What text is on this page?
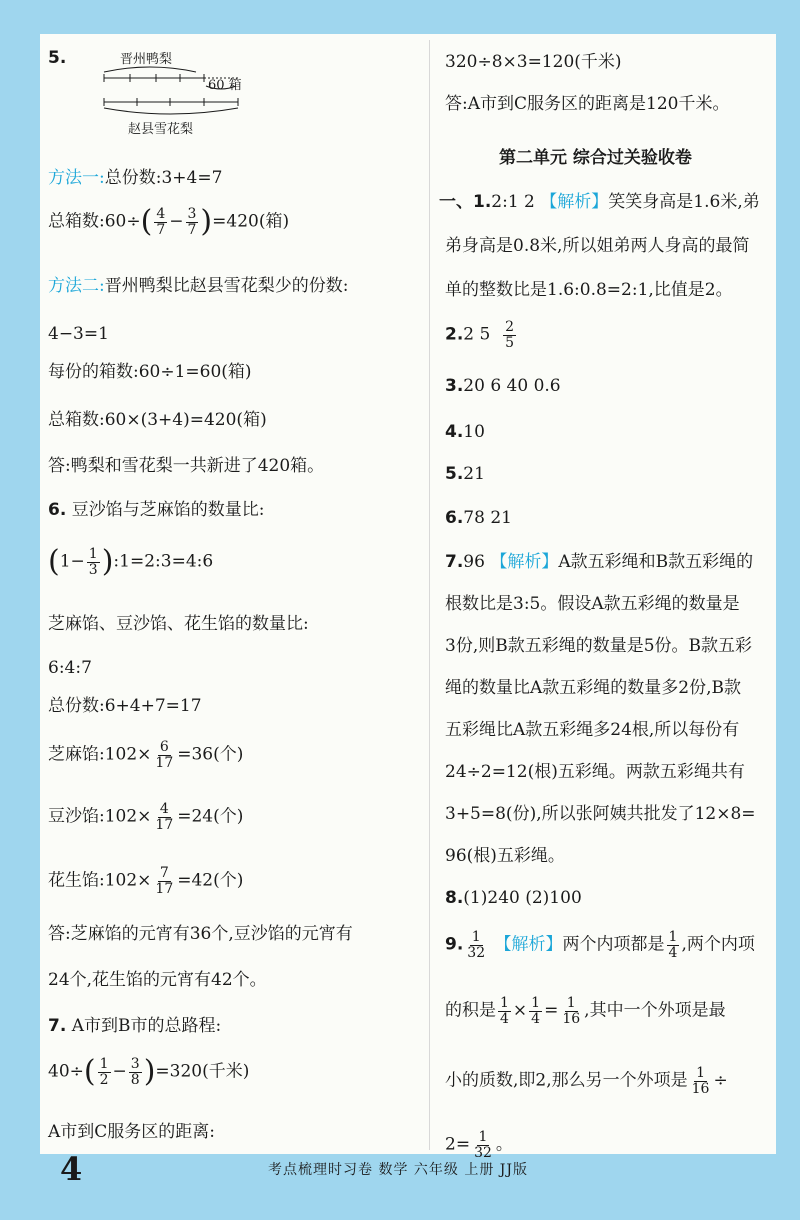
5.
方法一:总份数:3+4=7
总箱数:60÷( $\frac{4}{7} - \frac{3}{7} )=420$(箱)
方法二:晋州鸭梨比赵县雪花梨少的份数:
4−3=1
每份的箱数:60÷1=60(箱)
总箱数:60×(3+4)=420(箱)
答:鸭梨和雪花梨一共新进了420箱。
6. 豆沙馅与芝麻馅的数量比:
($1- \frac{1}{3}$ ):1=2:3=4:6
芝麻馅、豆沙馅、花生馅的数量比:
6:4:7
总份数:6+4+7=17
芝麻馅:102× $\frac{6}{17} =36$(个)
豆沙馅:102× $\frac{4}{17} =24$(个)
花生馅:102× $\frac{7}{17} =42$(个)
答:芝麻馅的元宵有36个,豆沙馅的元宵有
24个,花生馅的元宵有42个。
7. A市到B市的总路程:
$40\div( \frac{1}{2} - \frac{3}{8} )=320$(千米)
A市到C服务区的距离:
晋州鸭梨
60 箱
赵县雪花梨
320÷8×3=120(千米)
答:A市到C服务区的距离是120千米。
第二单元 综合过关验收卷
一、1.2:1 2 【解析】笑笑身高是1.6米,弟
弟身高是0.8米,所以姐弟两人身高的最简
单的整数比是1.6:0.8=2:1,比值是2。
2.2 $5 \frac{2}{5}$
3.20 6 40 0.6
4.10
5.21
6.78 21
7.96 【解析】A款五彩绳和B款五彩绳的
根数比是3:5。假设A款五彩绳的数量是
3份,则B款五彩绳的数量是5份。B款五彩
绳的数量比A款五彩绳的数量多2份,B款
五彩绳比A款五彩绳多24根,所以每份有
24÷2=12(根)五彩绳。两款五彩绳共有
3+5=8(份),所以张阿姨共批发了12×8=
96(根)五彩绳。
8.(1)240 (2)100
9. $\frac{1}{32}$ 【解析】两个内项都是 $\frac{1}{4}$ ,两个内项
的积是 $\frac{1}{4} \times \frac{1}{4} = \frac{1}{16}$ ,其中一个外项是最
小的质数,即2,那么另一个外项是 $\frac{1}{16}$ ÷
$2= \frac{1}{32}$ 。
4	考点梳理时习卷 数学 六年级 上册 JJ版
